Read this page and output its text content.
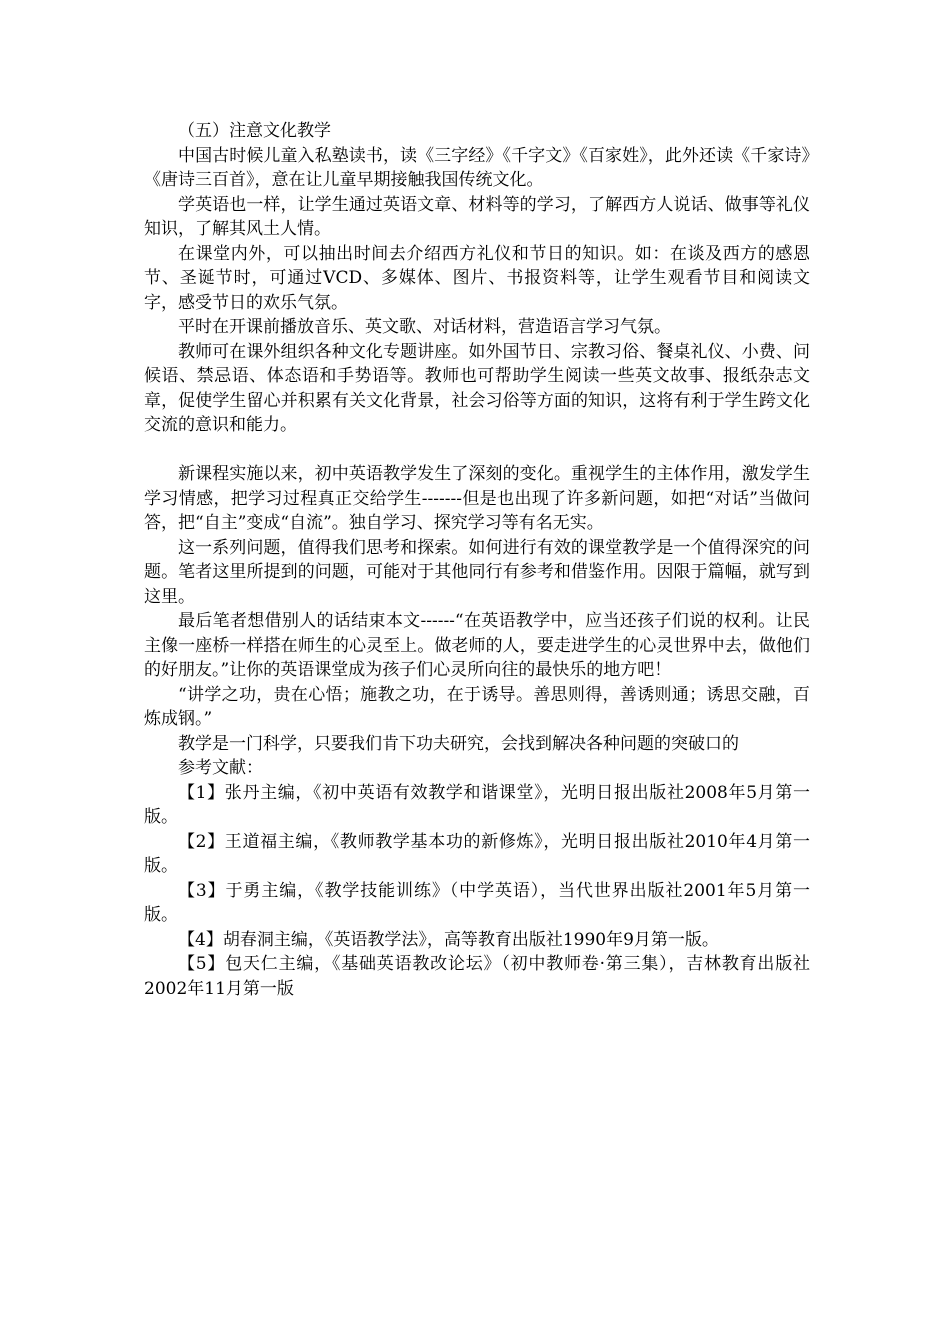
（五）注意文化教学

中国古时候儿童入私塾读书，读《三字经》《千字文》《百家姓》，此外还读《千家诗》《唐诗三百首》，意在让儿童早期接触我国传统文化。

学英语也一样，让学生通过英语文章、材料等的学习，了解西方人说话、做事等礼仪知识，了解其风土人情。

在课堂内外，可以抽出时间去介绍西方礼仪和节日的知识。如：在谈及西方的感恩节、圣诞节时，可通过VCD、多媒体、图片、书报资料等，让学生观看节目和阅读文字，感受节日的欢乐气氛。

平时在开课前播放音乐、英文歌、对话材料，营造语言学习气氛。

教师可在课外组织各种文化专题讲座。如外国节日、宗教习俗、餐桌礼仪、小费、问候语、禁忌语、体态语和手势语等。教师也可帮助学生阅读一些英文故事、报纸杂志文章，促使学生留心并积累有关文化背景，社会习俗等方面的知识，这将有利于学生跨文化交流的意识和能力。

新课程实施以来，初中英语教学发生了深刻的变化。重视学生的主体作用，激发学生学习情感，把学习过程真正交给学生-------但是也出现了许多新问题，如把“对话”当做问答，把“自主”变成“自流”。独自学习、探究学习等有名无实。

这一系列问题，值得我们思考和探索。如何进行有效的课堂教学是一个值得深究的问题。笔者这里所提到的问题，可能对于其他同行有参考和借鉴作用。因限于篇幅，就写到这里。

最后笔者想借别人的话结束本文------“在英语教学中，应当还孩子们说的权利。让民主像一座桥一样搭在师生的心灵至上。做老师的人，要走进学生的心灵世界中去，做他们的好朋友。”让你的英语课堂成为孩子们心灵所向往的最快乐的地方吧！

“讲学之功，贵在心悟；施教之功，在于诱导。善思则得，善诱则通；诱思交融，百炼成钢。”

教学是一门科学，只要我们肯下功夫研究，会找到解决各种问题的突破口的

参考文献：

【1】张丹主编，《初中英语有效教学和谐课堂》，光明日报出版社2008年5月第一版。

【2】王道福主编，《教师教学基本功的新修炼》，光明日报出版社2010年4月第一版。

【3】于勇主编，《教学技能训练》（中学英语），当代世界出版社2001年5月第一版。

【4】胡春洞主编，《英语教学法》，高等教育出版社1990年9月第一版。

【5】包天仁主编，《基础英语教改论坛》（初中教师卷·第三集），吉林教育出版社2002年11月第一版
